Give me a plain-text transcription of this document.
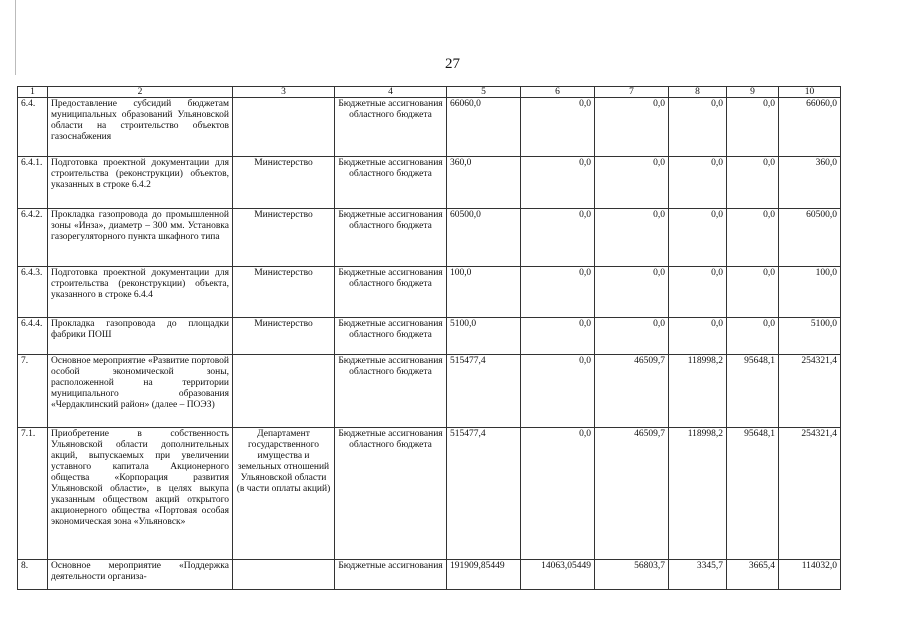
27
1	2	3	4	5	6	7	8	9	10
6.4.	Предоставление субсидий бюджетам муниципальных образований Ульяновской области на строительство объектов газоснабжения		Бюджетные ассигнования областного бюджета	66060,0	0,0	0,0	0,0	0,0	66060,0
6.4.1.	Подготовка проектной документации для строительства (реконструкции) объектов, указанных в строке 6.4.2	Министерство	Бюджетные ассигнования областного бюджета	360,0	0,0	0,0	0,0	0,0	360,0
6.4.2.	Прокладка газопровода до промышленной зоны «Инза», диаметр – 300 мм. Установка газорегуляторного пункта шкафного типа	Министерство	Бюджетные ассигнования областного бюджета	60500,0	0,0	0,0	0,0	0,0	60500,0
6.4.3.	Подготовка проектной документации для строительства (реконструкции) объекта, указанного в строке 6.4.4	Министерство	Бюджетные ассигнования областного бюджета	100,0	0,0	0,0	0,0	0,0	100,0
6.4.4.	Прокладка газопровода до площадки фабрики ПОШ	Министерство	Бюджетные ассигнования областного бюджета	5100,0	0,0	0,0	0,0	0,0	5100,0
7.	Основное мероприятие «Развитие портовой особой экономической зоны, расположенной на территории муниципального образования «Чердаклинский район» (далее – ПОЭЗ)		Бюджетные ассигнования областного бюджета	515477,4	0,0	46509,7	118998,2	95648,1	254321,4
7.1.	Приобретение в собственность Ульяновской области дополнительных акций, выпускаемых при увеличении уставного капитала Акционерного общества «Корпорация развития Ульяновской области», в целях выкупа указанным обществом акций открытого акционерного общества «Портовая особая экономическая зона «Ульяновск»	Департамент государственного имущества и земельных отношений Ульяновской области (в части оплаты акций)	Бюджетные ассигнования областного бюджета	515477,4	0,0	46509,7	118998,2	95648,1	254321,4
8.	Основное мероприятие «Поддержка деятельности организа-		Бюджетные ассигнования	191909,85449	14063,05449	56803,7	3345,7	3665,4	114032,0
